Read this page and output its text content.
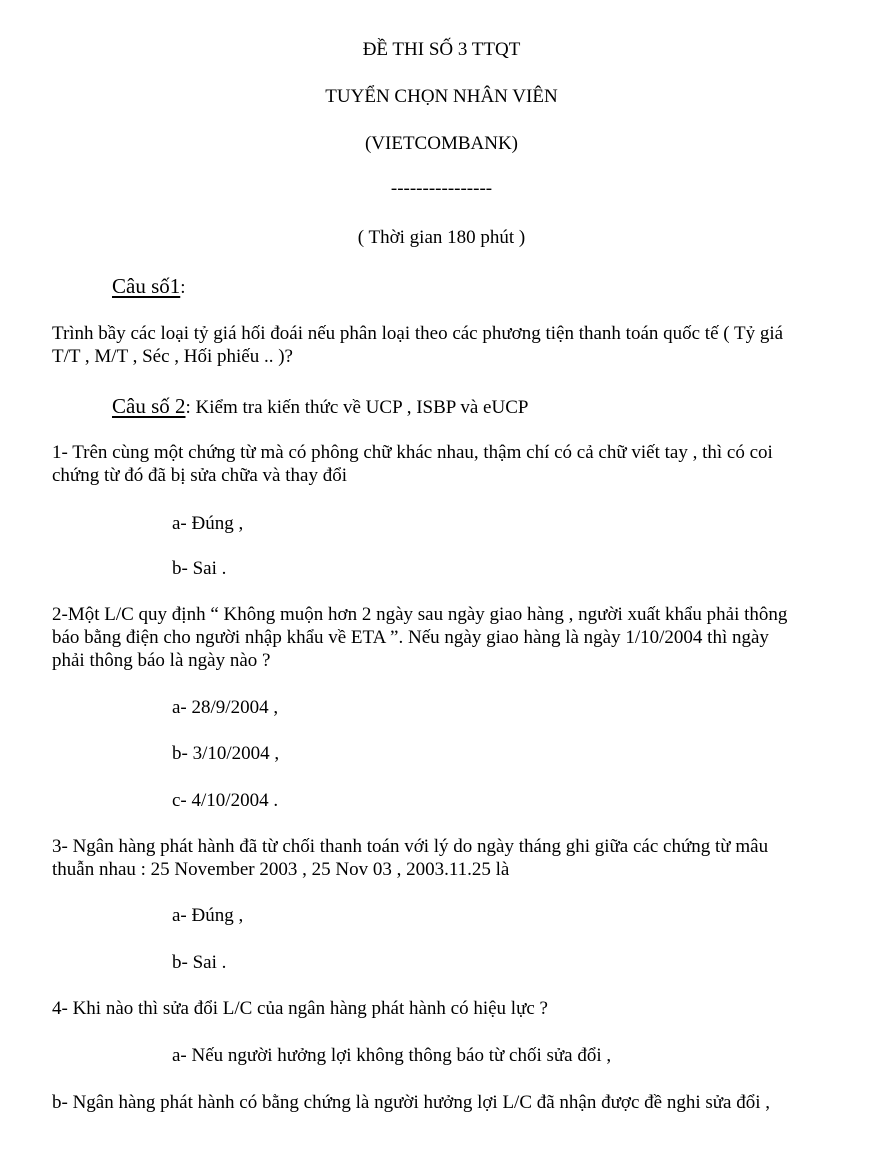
ĐỀ THI SỐ 3 TTQT
TUYỂN CHỌN NHÂN VIÊN
(VIETCOMBANK)
----------------
( Thời gian 180 phút )
Câu số1:
Trình bầy các loại tỷ giá hối đoái nếu phân loại theo các phương tiện thanh toán quốc tế ( Tỷ giá
T/T , M/T , Séc , Hối phiếu .. )?
Câu số 2: Kiểm tra kiến thức về UCP , ISBP và eUCP
1- Trên cùng một chứng từ mà có phông chữ khác nhau, thậm chí có cả chữ viết tay , thì có coi
chứng từ đó đã bị sửa chữa và thay đổi
a- Đúng ,
b- Sai .
2-Một L/C quy định “ Không muộn hơn 2 ngày sau ngày giao hàng , người xuất khẩu phải thông
báo bằng điện cho người nhập khẩu về ETA ”. Nếu ngày giao hàng là ngày 1/10/2004 thì ngày
phải thông báo là ngày nào ?
a- 28/9/2004 ,
b- 3/10/2004 ,
c- 4/10/2004 .
3- Ngân hàng phát hành đã từ chối thanh toán với lý do ngày tháng ghi giữa các chứng từ mâu
thuẫn nhau : 25 November 2003 , 25 Nov 03 , 2003.11.25 là
a- Đúng ,
b- Sai .
4- Khi nào thì sửa đổi L/C của ngân hàng phát hành có hiệu lực ?
a- Nếu người hưởng lợi không thông báo từ chối sửa đổi ,
b- Ngân hàng phát hành có bằng chứng là người hưởng lợi L/C đã nhận được đề nghi sửa đổi ,
